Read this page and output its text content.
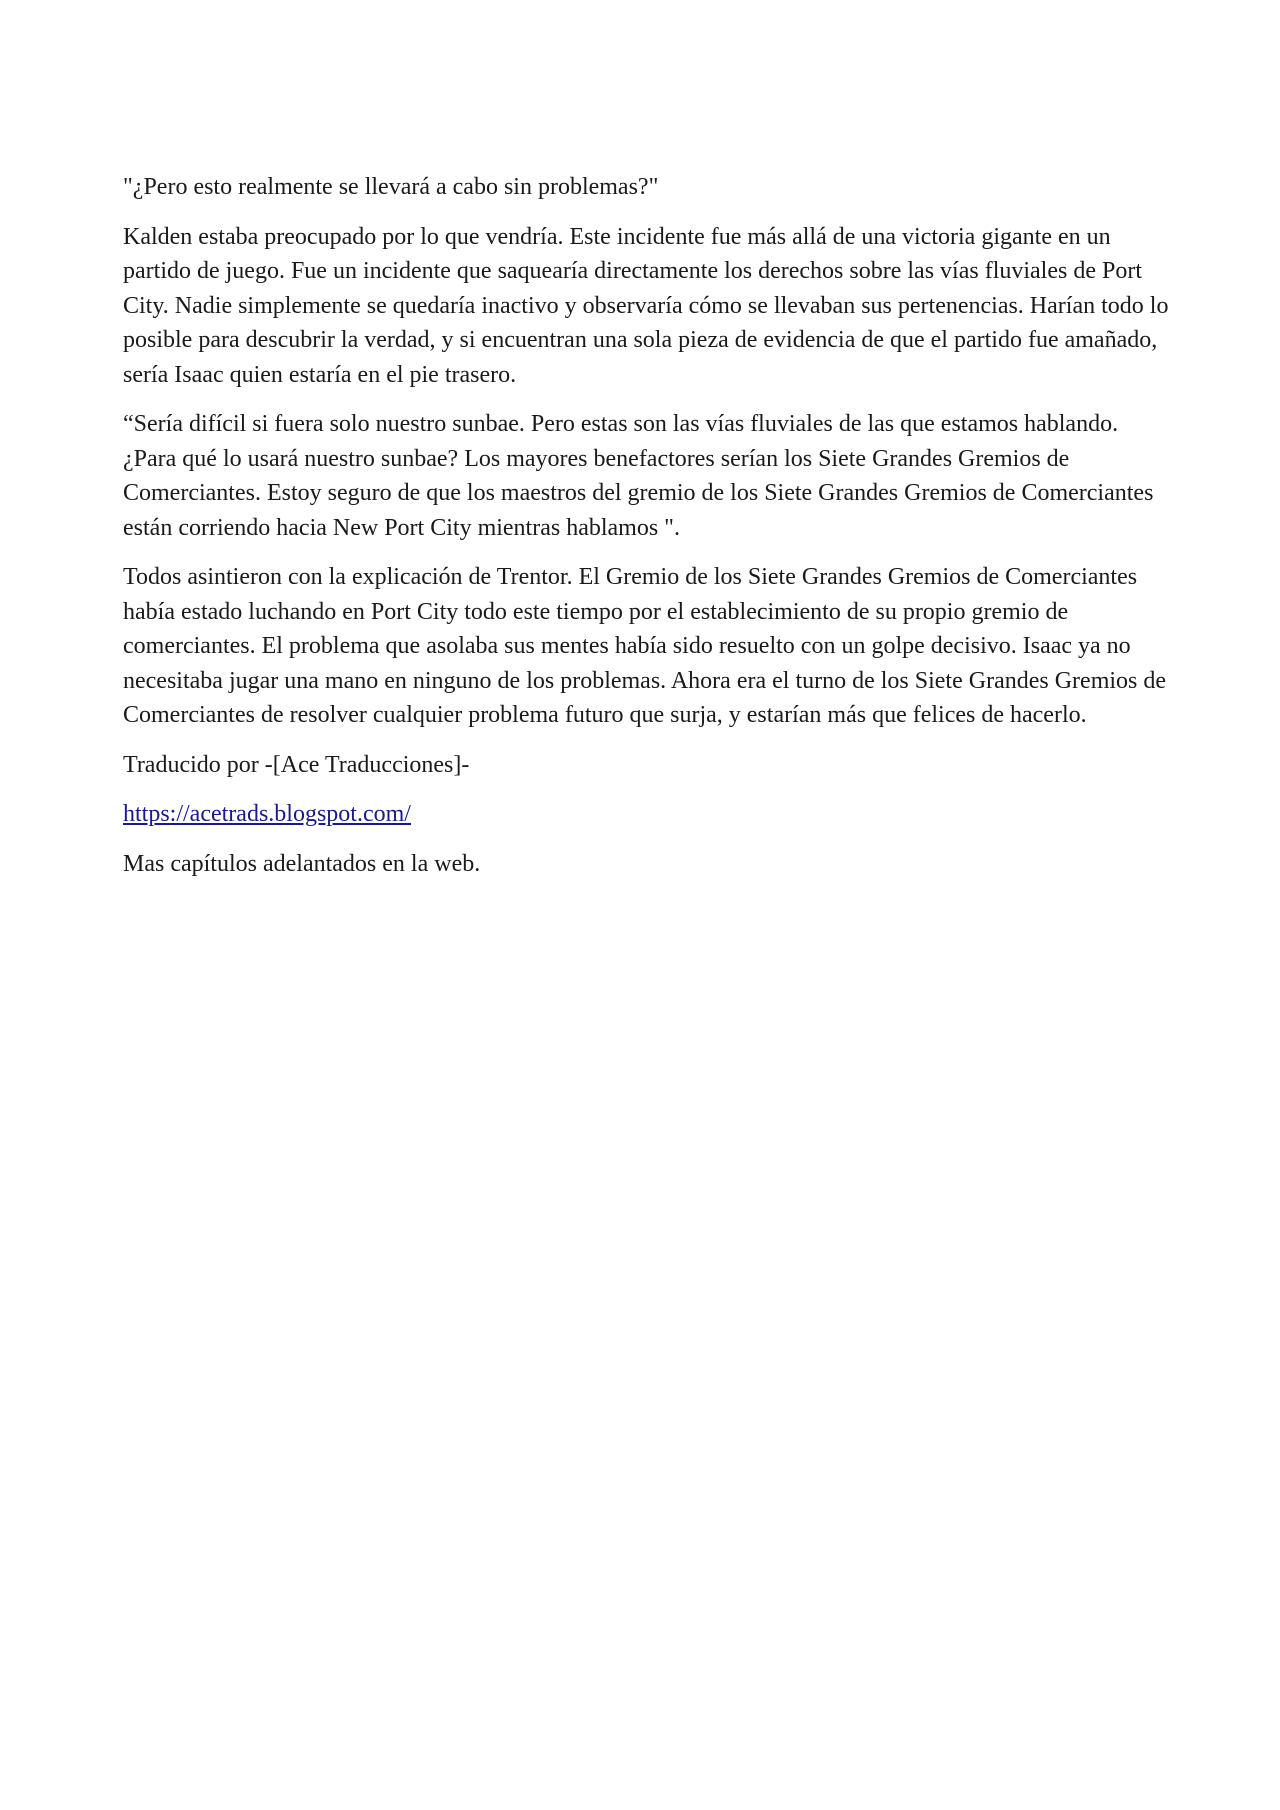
"¿Pero esto realmente se llevará a cabo sin problemas?"

Kalden estaba preocupado por lo que vendría. Este incidente fue más allá de una victoria gigante en un partido de juego. Fue un incidente que saquearía directamente los derechos sobre las vías fluviales de Port City. Nadie simplemente se quedaría inactivo y observaría cómo se llevaban sus pertenencias. Harían todo lo posible para descubrir la verdad, y si encuentran una sola pieza de evidencia de que el partido fue amañado, sería Isaac quien estaría en el pie trasero.

“Sería difícil si fuera solo nuestro sunbae. Pero estas son las vías fluviales de las que estamos hablando. ¿Para qué lo usará nuestro sunbae? Los mayores benefactores serían los Siete Grandes Gremios de Comerciantes. Estoy seguro de que los maestros del gremio de los Siete Grandes Gremios de Comerciantes están corriendo hacia New Port City mientras hablamos ".

Todos asintieron con la explicación de Trentor. El Gremio de los Siete Grandes Gremios de Comerciantes había estado luchando en Port City todo este tiempo por el establecimiento de su propio gremio de comerciantes. El problema que asolaba sus mentes había sido resuelto con un golpe decisivo. Isaac ya no necesitaba jugar una mano en ninguno de los problemas. Ahora era el turno de los Siete Grandes Gremios de Comerciantes de resolver cualquier problema futuro que surja, y estarían más que felices de hacerlo.

Traducido por -[Ace Traducciones]-

https://acetrads.blogspot.com/

Mas capítulos adelantados en la web.
